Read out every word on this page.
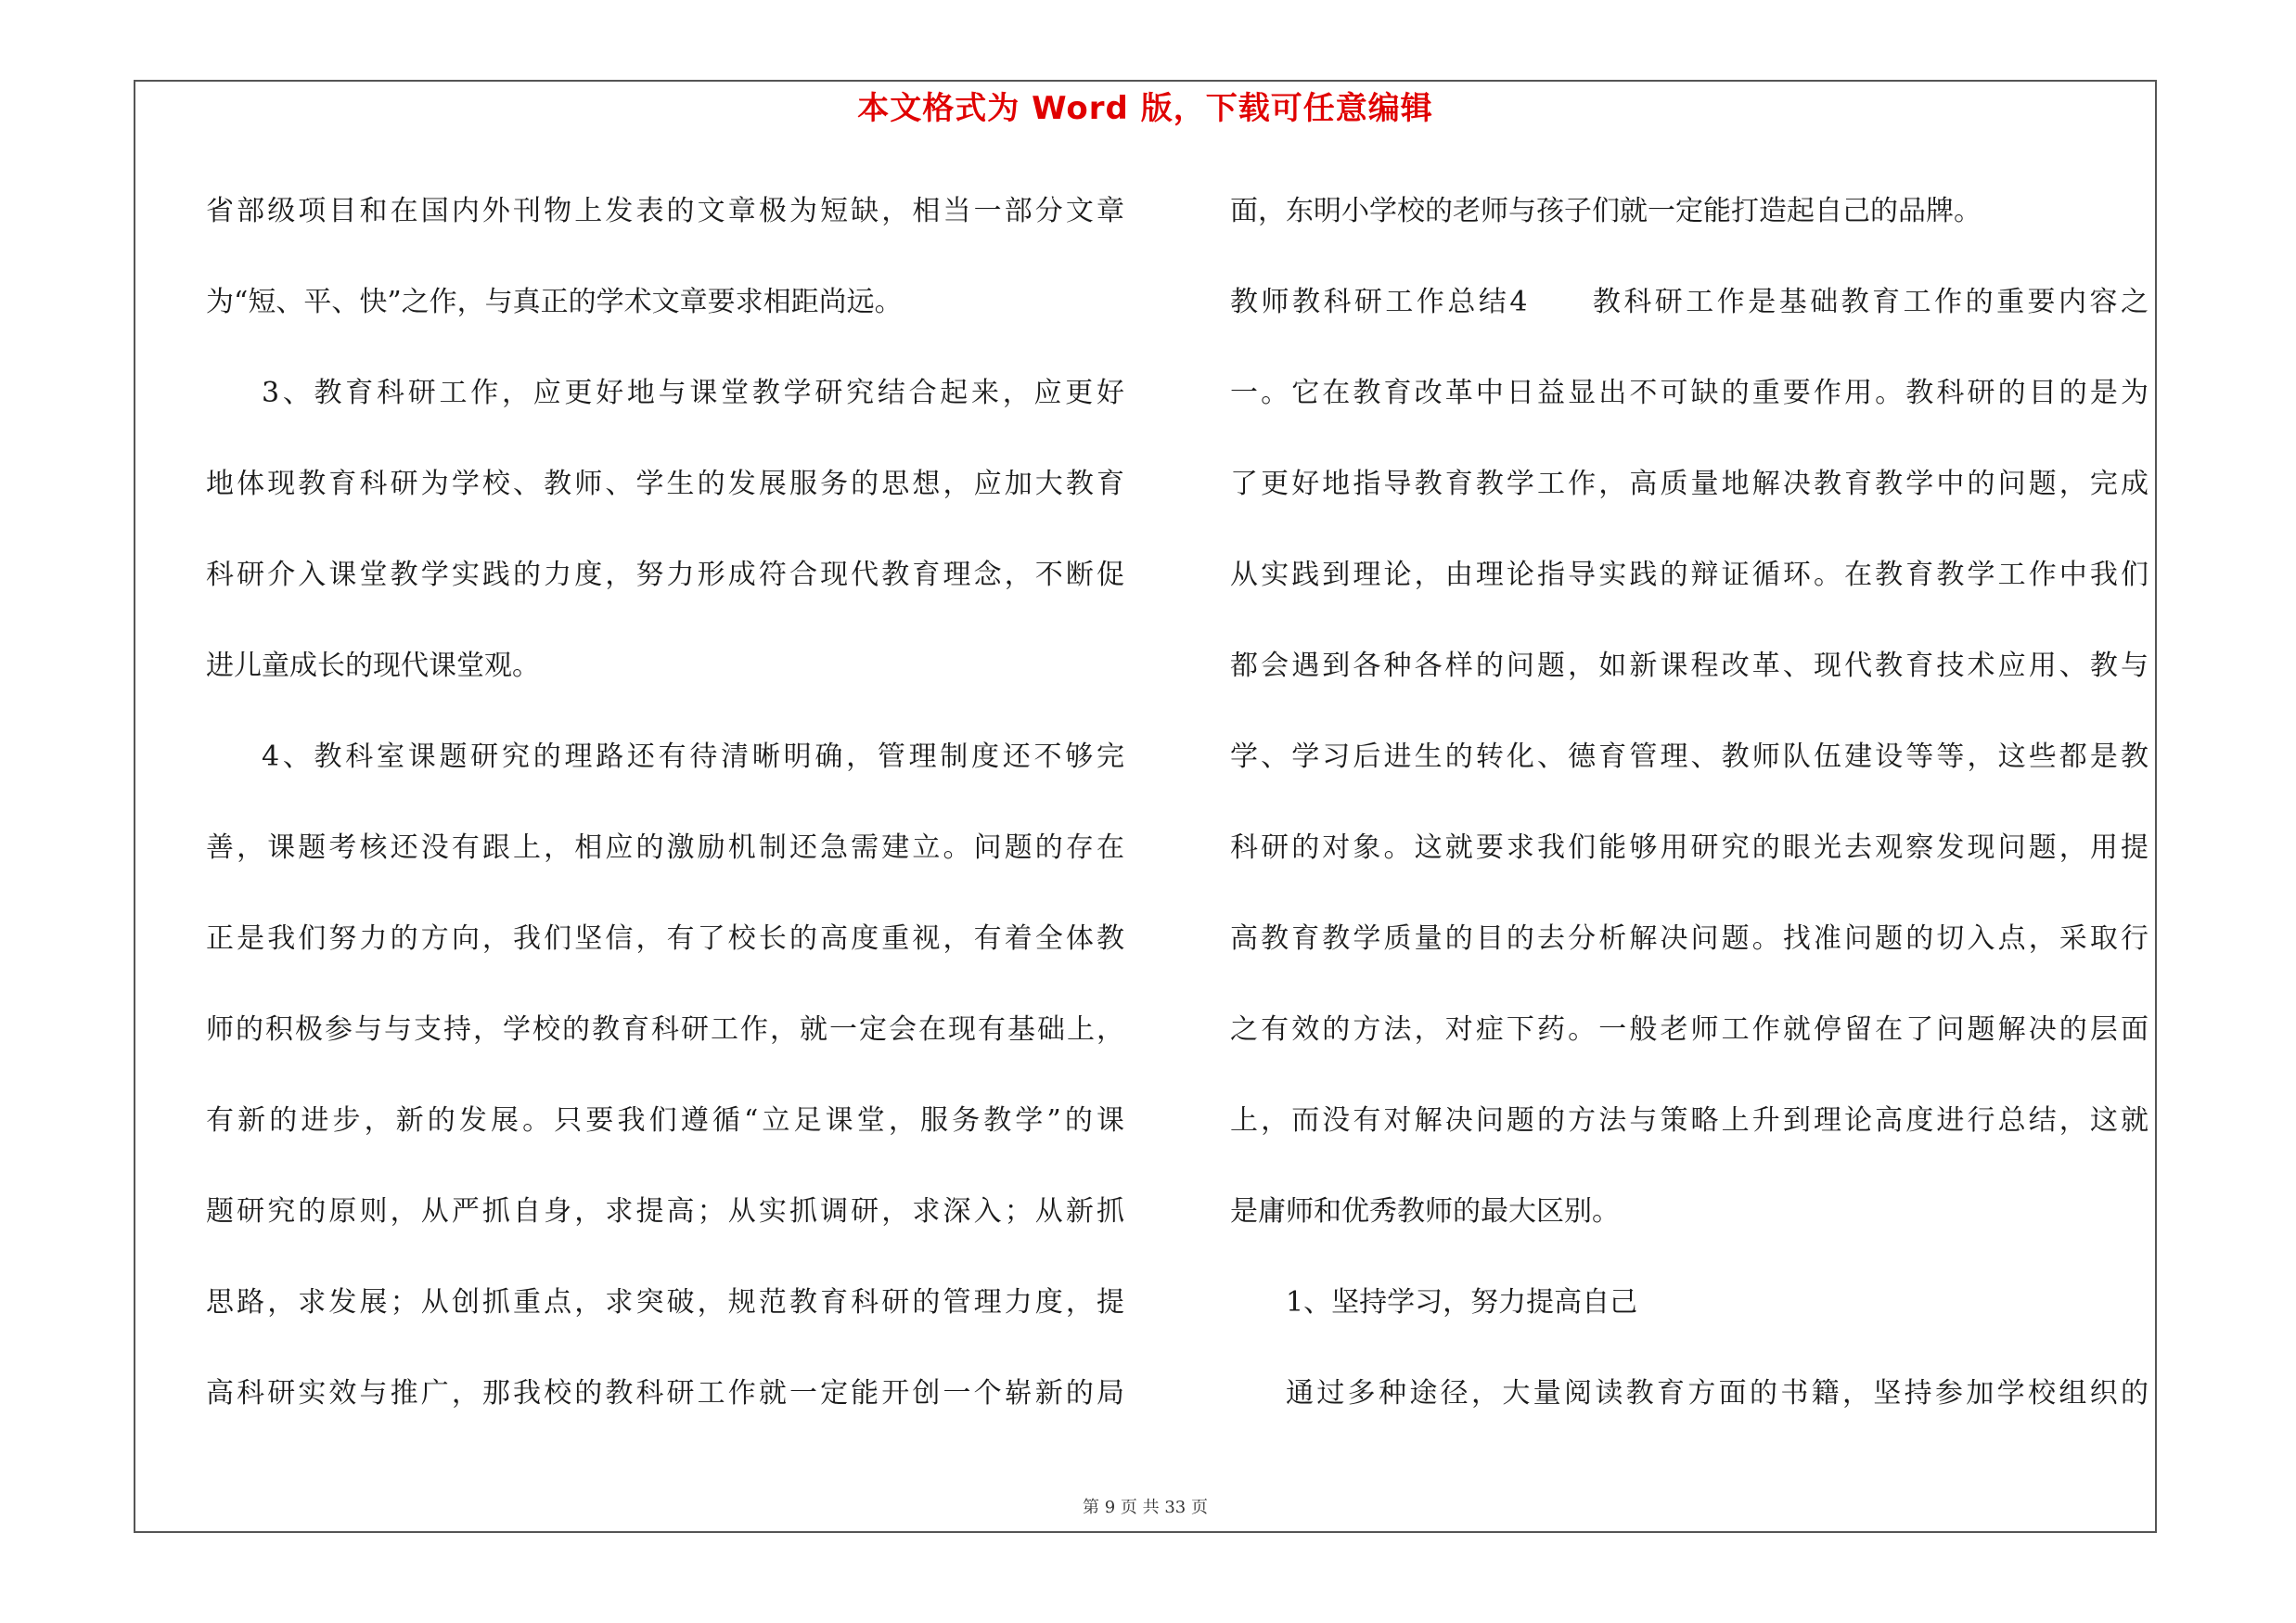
本文格式为 Word 版，下载可任意编辑
省部级项目和在国内外刊物上发表的文章极为短缺，相当一部分文章
为“短、平、快”之作，与真正的学术文章要求相距尚远。
3、教育科研工作，应更好地与课堂教学研究结合起来，应更好
地体现教育科研为学校、教师、学生的发展服务的思想，应加大教育
科研介入课堂教学实践的力度，努力形成符合现代教育理念，不断促
进儿童成长的现代课堂观。
4、教科室课题研究的理路还有待清晰明确，管理制度还不够完
善，课题考核还没有跟上，相应的激励机制还急需建立。问题的存在
正是我们努力的方向，我们坚信，有了校长的高度重视，有着全体教
师的积极参与与支持，学校的教育科研工作，就一定会在现有基础上，
有新的进步，新的发展。只要我们遵循“立足课堂，服务教学”的课
题研究的原则，从严抓自身，求提高；从实抓调研，求深入；从新抓
思路，求发展；从创抓重点，求突破，规范教育科研的管理力度，提
高科研实效与推广，那我校的教科研工作就一定能开创一个崭新的局
面，东明小学校的老师与孩子们就一定能打造起自己的品牌。
教师教科研工作总结4　　教科研工作是基础教育工作的重要内容之
一。它在教育改革中日益显出不可缺的重要作用。教科研的目的是为
了更好地指导教育教学工作，高质量地解决教育教学中的问题，完成
从实践到理论，由理论指导实践的辩证循环。在教育教学工作中我们
都会遇到各种各样的问题，如新课程改革、现代教育技术应用、教与
学、学习后进生的转化、德育管理、教师队伍建设等等，这些都是教
科研的对象。这就要求我们能够用研究的眼光去观察发现问题，用提
高教育教学质量的目的去分析解决问题。找准问题的切入点，采取行
之有效的方法，对症下药。一般老师工作就停留在了问题解决的层面
上，而没有对解决问题的方法与策略上升到理论高度进行总结，这就
是庸师和优秀教师的最大区别。
1、坚持学习，努力提高自己
通过多种途径，大量阅读教育方面的书籍，坚持参加学校组织的
第 9 页 共 33 页
